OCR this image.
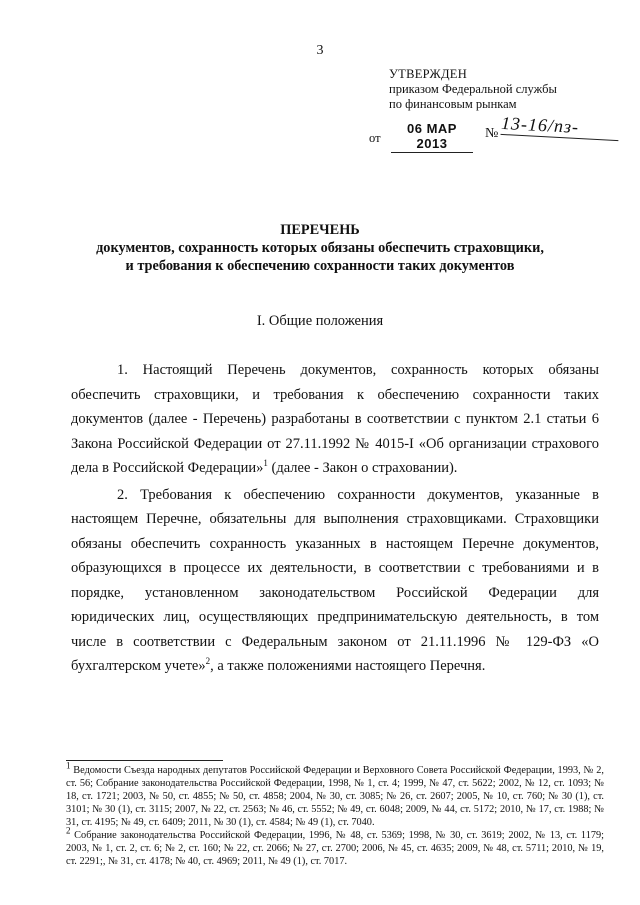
3
УТВЕРЖДЕН
приказом Федеральной службы
по финансовым рынкам
от
06 МАР 2013
№ 13-16/пз-
ПЕРЕЧЕНЬ
документов, сохранность которых обязаны обеспечить страховщики,
и требования к обеспечению сохранности таких документов
I. Общие положения

1. Настоящий Перечень документов, сохранность которых обязаны обеспечить страховщики, и требования к обеспечению сохранности таких документов (далее - Перечень) разработаны в соответствии с пунктом 2.1 статьи 6 Закона Российской Федерации от 27.11.1992 № 4015-I «Об организации страхового дела в Российской Федерации»$^1$ (далее - Закон о страховании).

2. Требования к обеспечению сохранности документов, указанные в настоящем Перечне, обязательны для выполнения страховщиками. Страховщики обязаны обеспечить сохранность указанных в настоящем Перечне документов, образующихся в процессе их деятельности, в соответствии с требованиями и в порядке, установленном законодательством Российской Федерации для юридических лиц, осуществляющих предпринимательскую деятельность, в том числе в соответствии с Федеральным законом от 21.11.1996 № 129-ФЗ «О бухгалтерском учете»$^2$, а также положениями настоящего Перечня.

$^1$ Ведомости Съезда народных депутатов Российской Федерации и Верховного Совета Российской Федерации, 1993, № 2, ст. 56; Собрание законодательства Российской Федерации, 1998, № 1, ст. 4; 1999, № 47, ст. 5622; 2002, № 12, ст. 1093; № 18, ст. 1721; 2003, № 50, ст. 4855; № 50, ст. 4858; 2004, № 30, ст. 3085; № 26, ст. 2607; 2005, № 10, ст. 760; № 30 (1), ст. 3101; № 30 (1), ст. 3115; 2007, № 22, ст. 2563; № 46, ст. 5552; № 49, ст. 6048; 2009, № 44, ст. 5172; 2010, № 17, ст. 1988; № 31, ст. 4195; № 49, ст. 6409; 2011, № 30 (1), ст. 4584; № 49 (1), ст. 7040.

$^2$ Собрание законодательства Российской Федерации, 1996, № 48, ст. 5369; 1998, № 30, ст. 3619; 2002, № 13, ст. 1179; 2003, № 1, ст. 2, ст. 6; № 2, ст. 160; № 22, ст. 2066; № 27, ст. 2700; 2006, № 45, ст. 4635; 2009, № 48, ст. 5711; 2010, № 19, ст. 2291;, № 31, ст. 4178; № 40, ст. 4969; 2011, № 49 (1), ст. 7017.
